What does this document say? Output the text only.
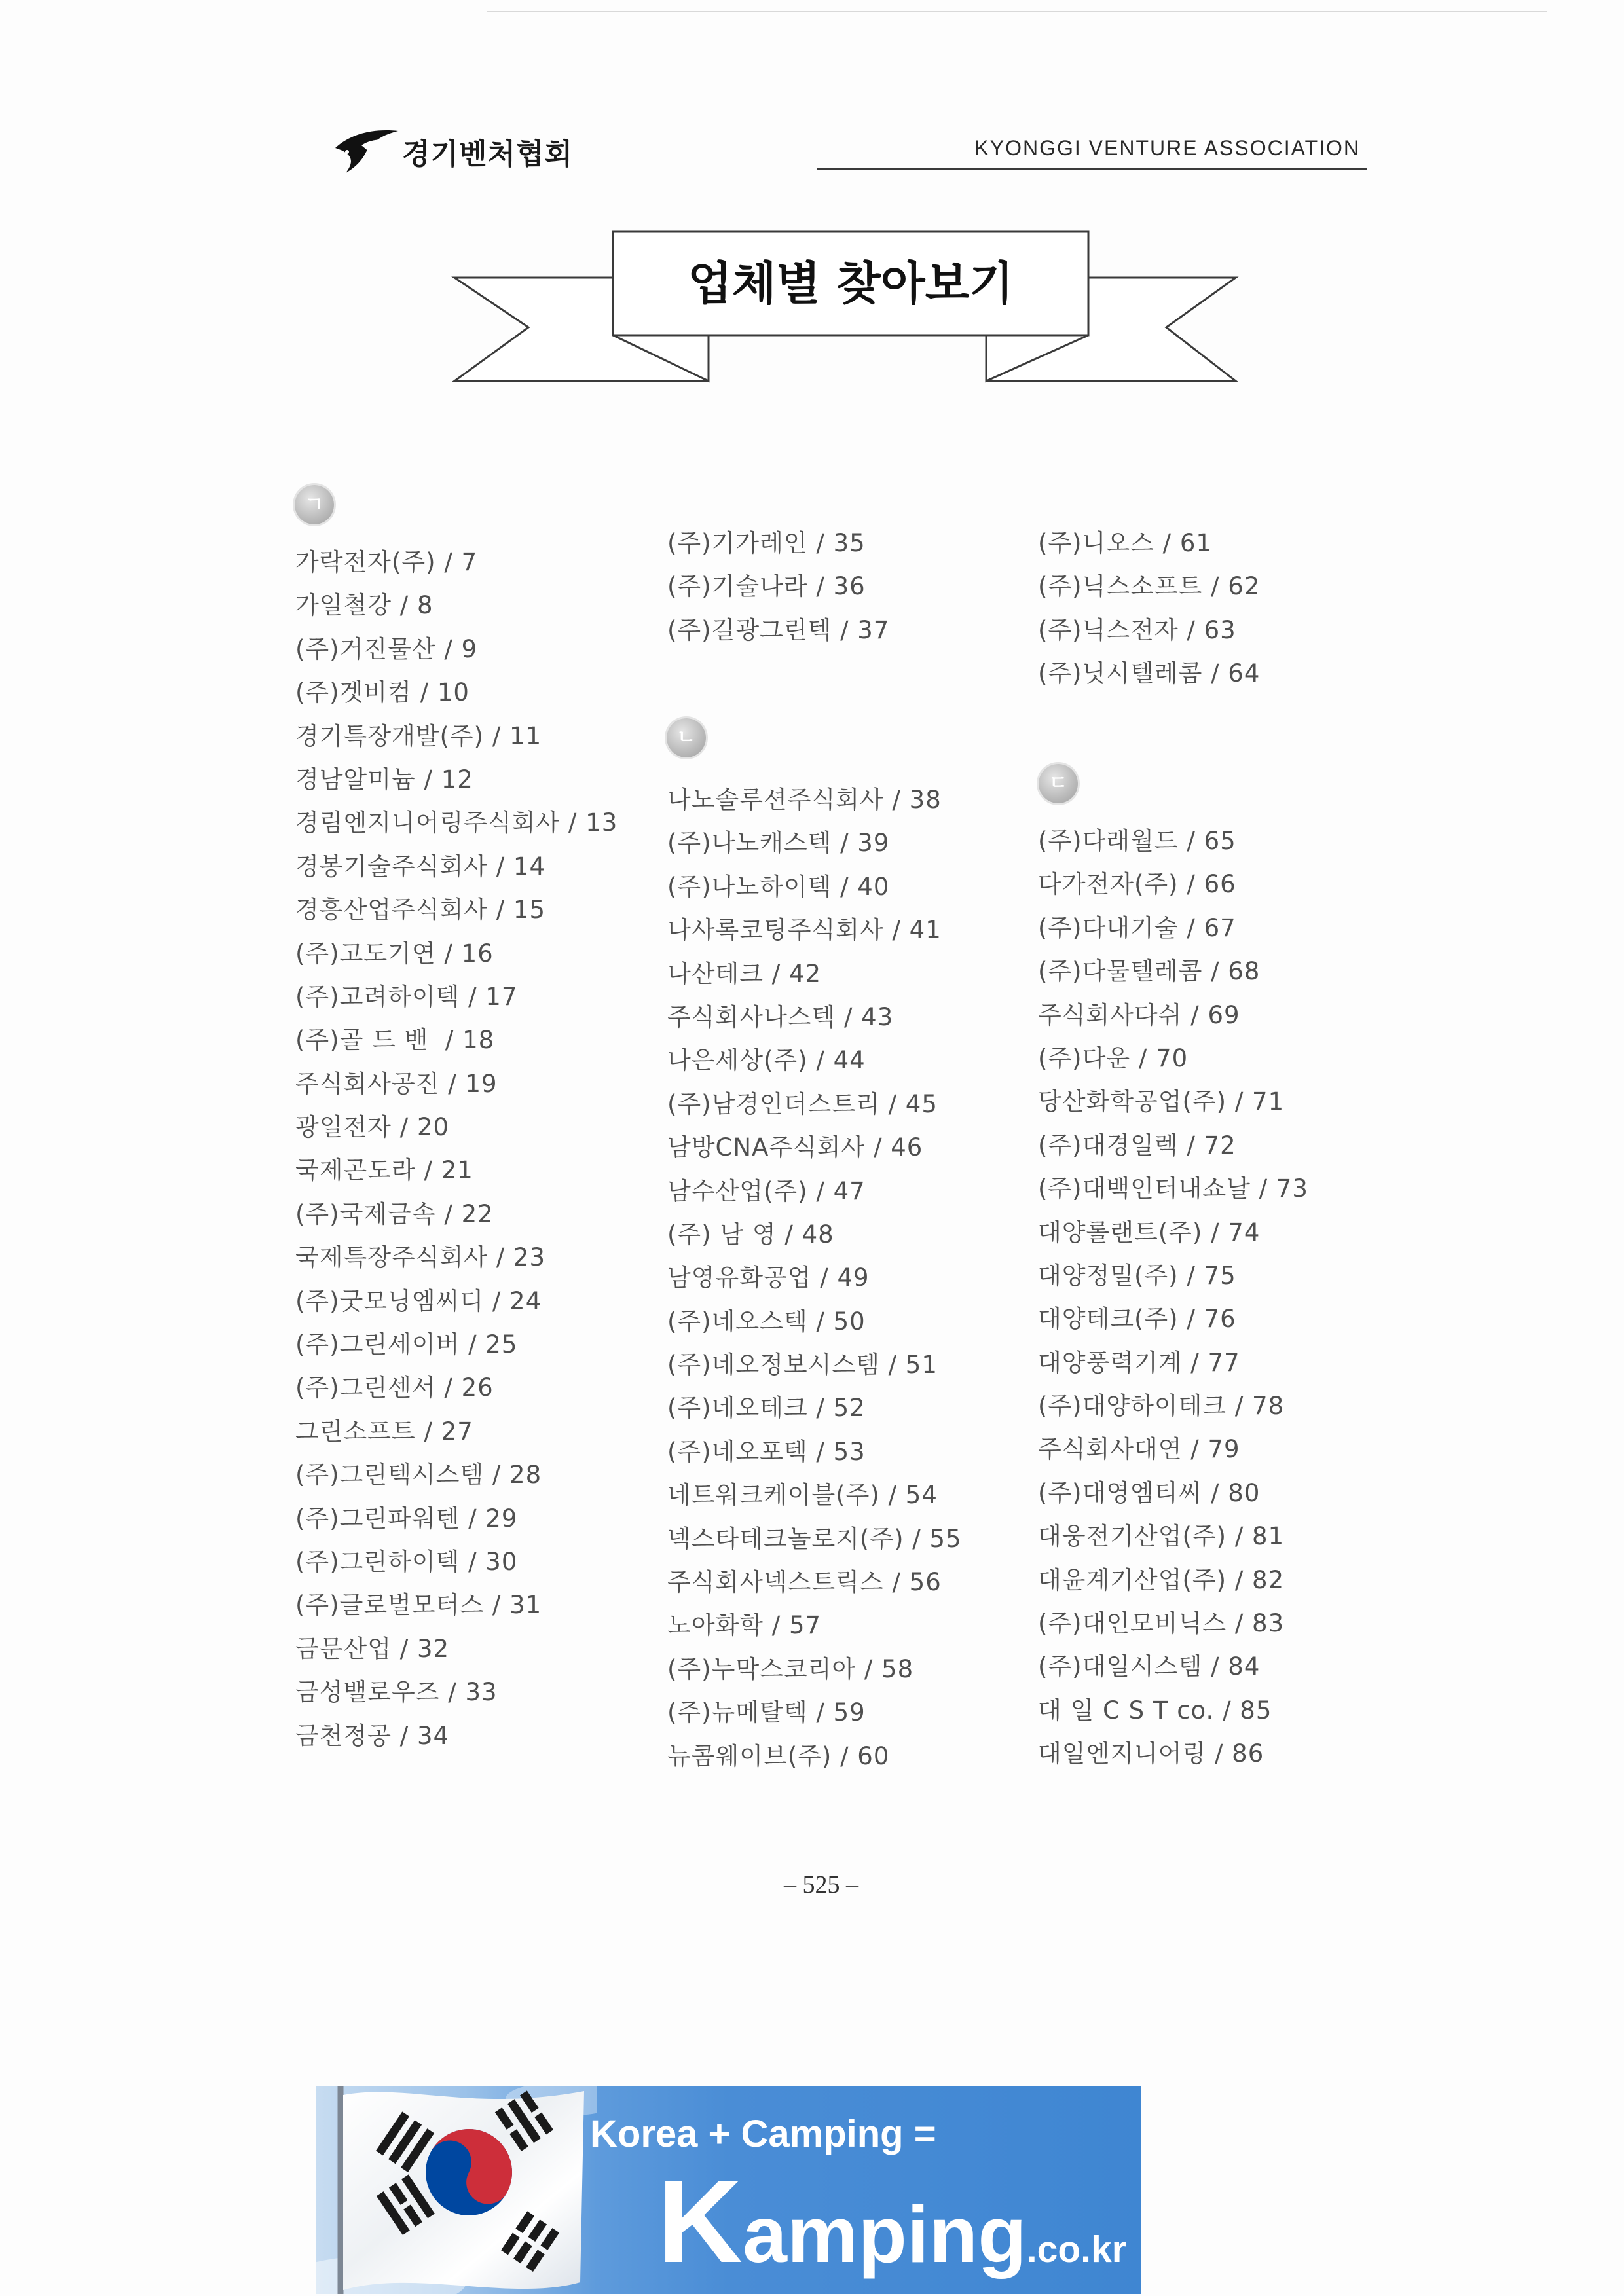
경기벤처협회	KYONGGI VENTURE ASSOCIATION
업체별 찾아보기
ㄱ
가락전자(주) / 7
가일철강 / 8
(주)거진물산 / 9
(주)겟비컴 / 10
경기특장개발(주) / 11
경남알미늄 / 12
경림엔지니어링주식회사 / 13
경봉기술주식회사 / 14
경흥산업주식회사 / 15
(주)고도기연 / 16
(주)고려하이텍 / 17
(주)골 드 밴  / 18
주식회사공진 / 19
광일전자 / 20
국제곤도라 / 21
(주)국제금속 / 22
국제특장주식회사 / 23
(주)굿모닝엠씨디 / 24
(주)그린세이버 / 25
(주)그린센서 / 26
그린소프트 / 27
(주)그린텍시스템 / 28
(주)그린파워텐 / 29
(주)그린하이텍 / 30
(주)글로벌모터스 / 31
금문산업 / 32
금성밸로우즈 / 33
금천정공 / 34
(주)기가레인 / 35
(주)기술나라 / 36
(주)길광그린텍 / 37
ㄴ
나노솔루션주식회사 / 38
(주)나노캐스텍 / 39
(주)나노하이텍 / 40
나사록코팅주식회사 / 41
나산테크 / 42
주식회사나스텍 / 43
나은세상(주) / 44
(주)남경인더스트리 / 45
남방CNA주식회사 / 46
남수산업(주) / 47
(주) 남 영 / 48
남영유화공업 / 49
(주)네오스텍 / 50
(주)네오정보시스템 / 51
(주)네오테크 / 52
(주)네오포텍 / 53
네트워크케이블(주) / 54
넥스타테크놀로지(주) / 55
주식회사넥스트릭스 / 56
노아화학 / 57
(주)누막스코리아 / 58
(주)뉴메탈텍 / 59
뉴콤웨이브(주) / 60
(주)니오스 / 61
(주)닉스소프트 / 62
(주)닉스전자 / 63
(주)닛시텔레콤 / 64
ㄷ
(주)다래월드 / 65
다가전자(주) / 66
(주)다내기술 / 67
(주)다물텔레콤 / 68
주식회사다쉬 / 69
(주)다운 / 70
당산화학공업(주) / 71
(주)대경일렉 / 72
(주)대백인터내쇼날 / 73
대양롤랜트(주) / 74
대양정밀(주) / 75
대양테크(주) / 76
대양풍력기계 / 77
(주)대양하이테크 / 78
주식회사대연 / 79
(주)대영엠티씨 / 80
대웅전기산업(주) / 81
대윤계기산업(주) / 82
(주)대인모비닉스 / 83
(주)대일시스템 / 84
대 일 C S T co. / 85
대일엔지니어링 / 86
– 525 –
Korea + Camping =
Kamping.co.kr
